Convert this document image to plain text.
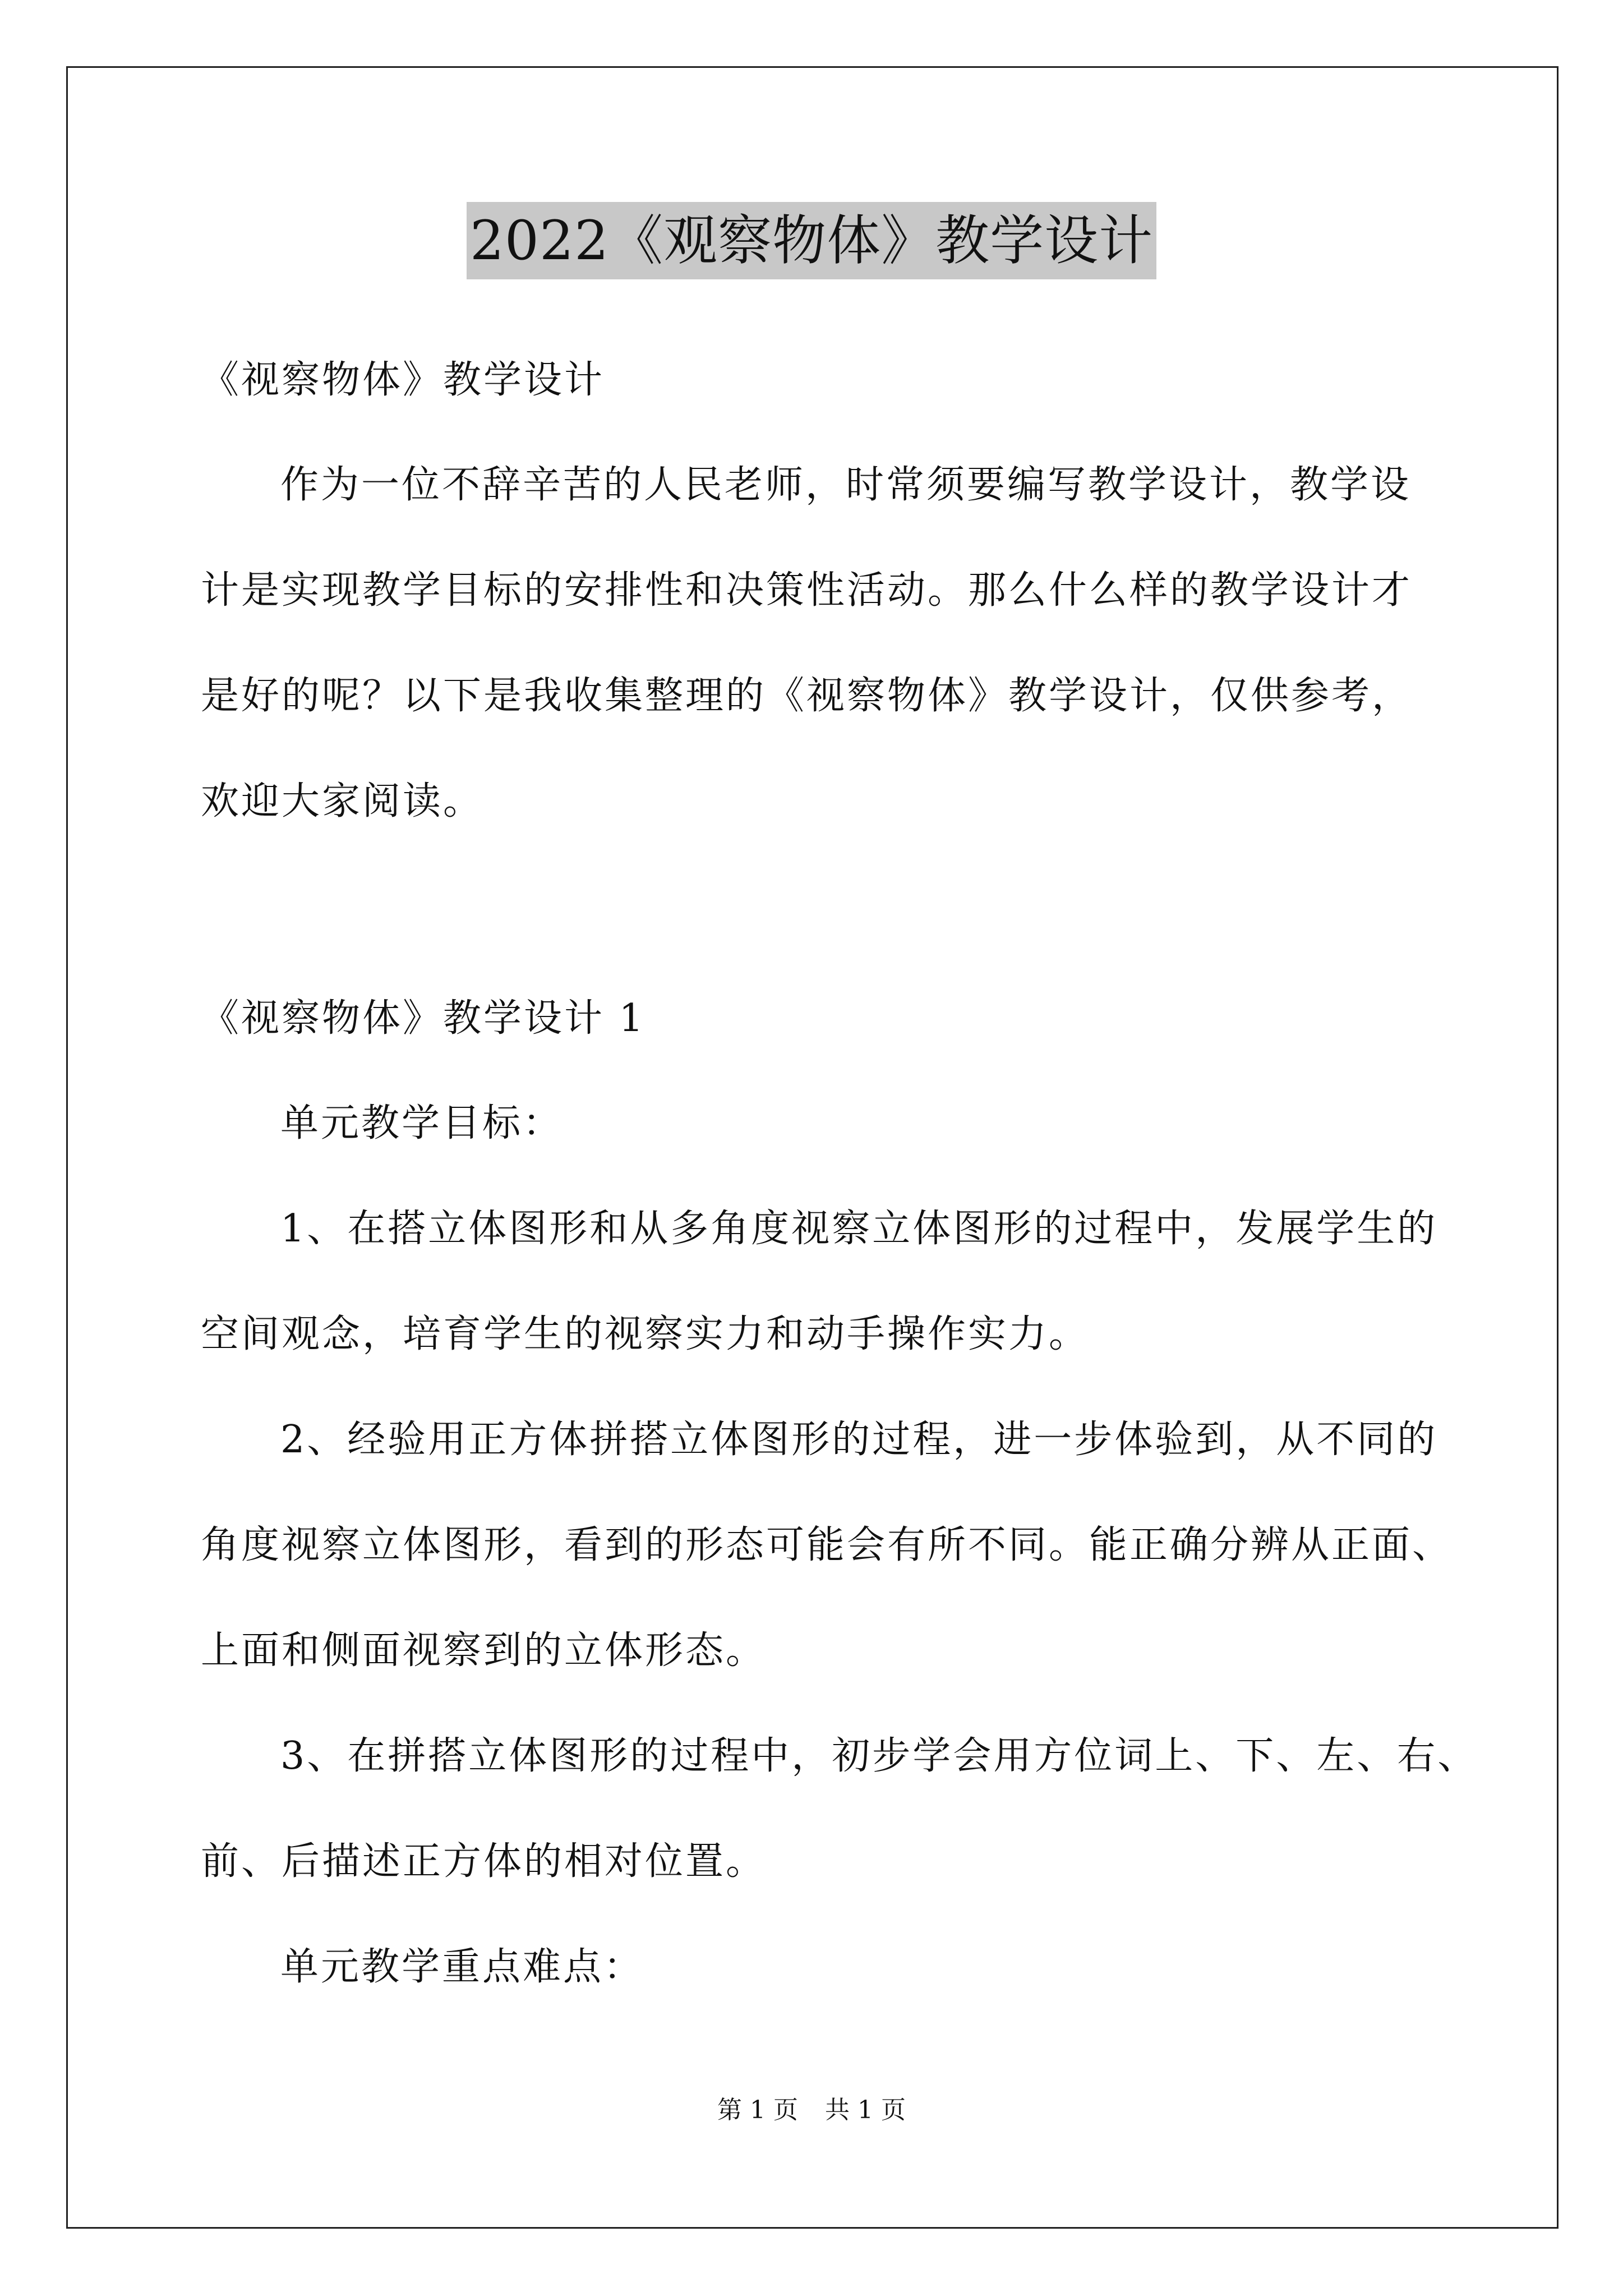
2022《观察物体》教学设计
《视察物体》教学设计
作为一位不辞辛苦的人民老师，时常须要编写教学设计，教学设
计是实现教学目标的安排性和决策性活动。那么什么样的教学设计才
是好的呢？以下是我收集整理的《视察物体》教学设计，仅供参考，
欢迎大家阅读。
《视察物体》教学设计 1
单元教学目标：
1、在搭立体图形和从多角度视察立体图形的过程中，发展学生的
空间观念，培育学生的视察实力和动手操作实力。
2、经验用正方体拼搭立体图形的过程，进一步体验到，从不同的
角度视察立体图形，看到的形态可能会有所不同。能正确分辨从正面、
上面和侧面视察到的立体形态。
3、在拼搭立体图形的过程中，初步学会用方位词上、下、左、右、
前、后描述正方体的相对位置。
单元教学重点难点：
第 1 页 共 1 页
